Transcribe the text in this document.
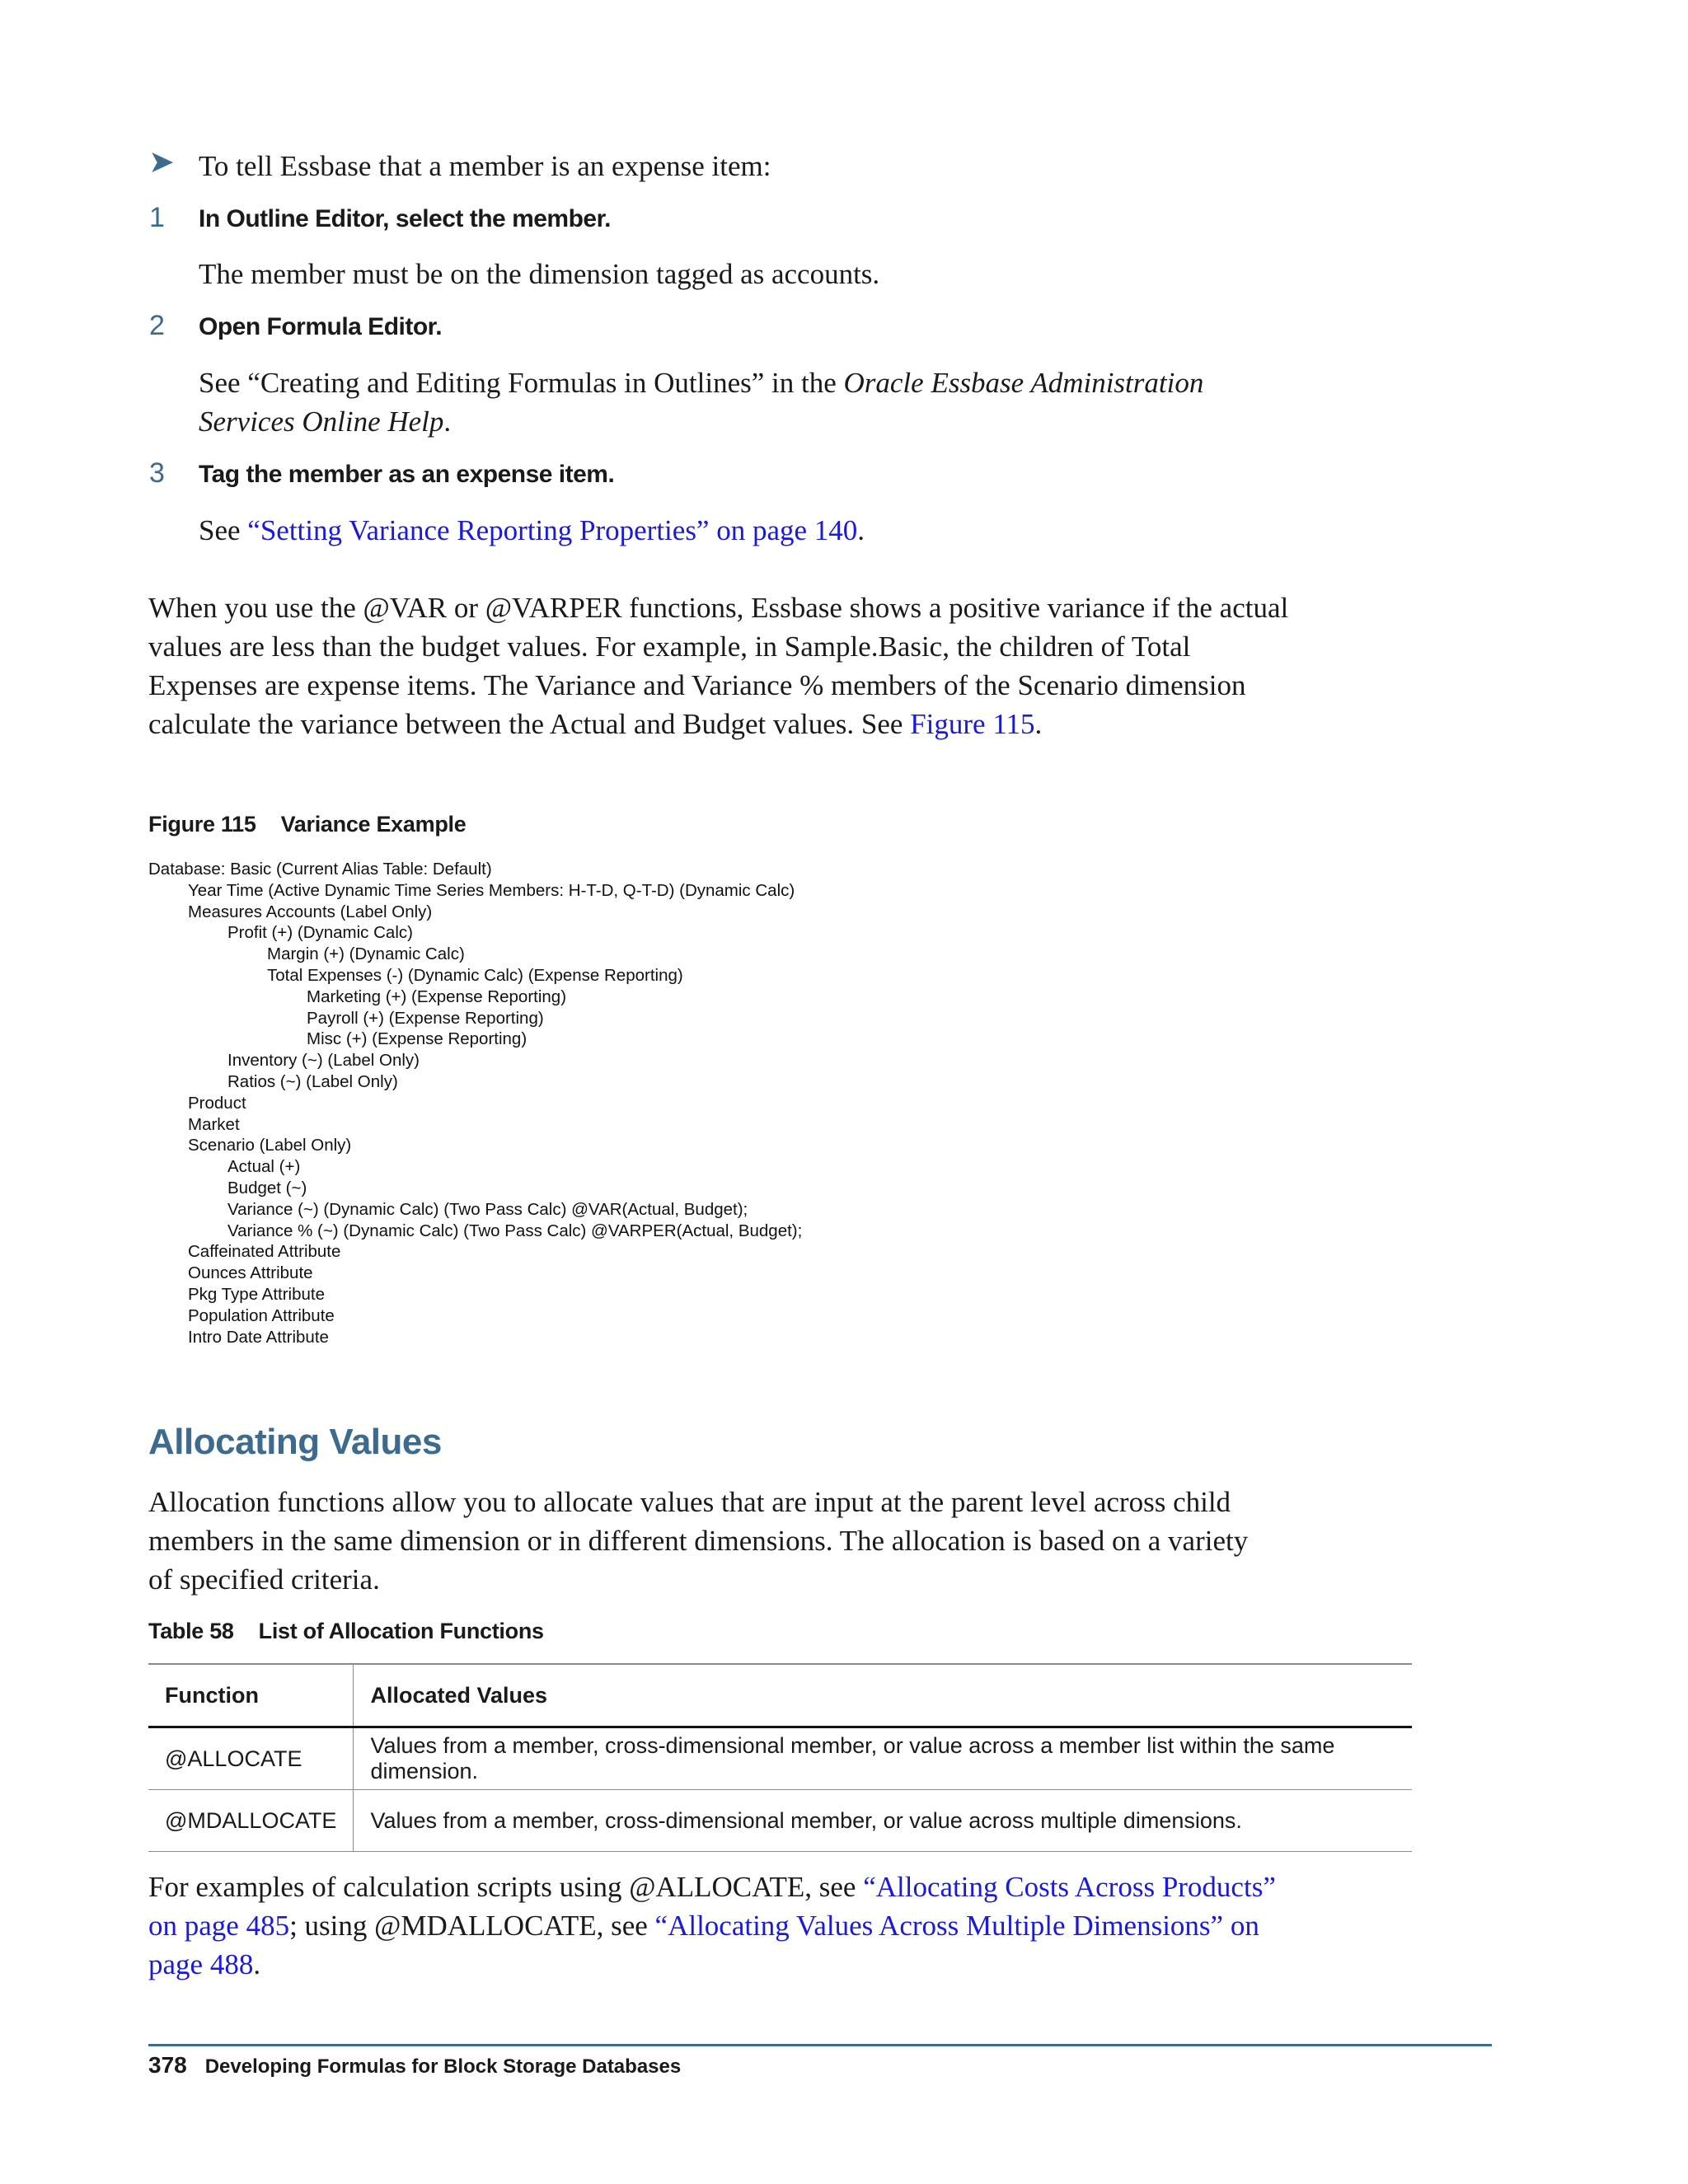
➤ To tell Essbase that a member is an expense item:
1 In Outline Editor, select the member.
The member must be on the dimension tagged as accounts.
2 Open Formula Editor.
See “Creating and Editing Formulas in Outlines” in the Oracle Essbase Administration
Services Online Help.
3 Tag the member as an expense item.
See “Setting Variance Reporting Properties” on page 140.
When you use the @VAR or @VARPER functions, Essbase shows a positive variance if the actual
values are less than the budget values. For example, in Sample.Basic, the children of Total
Expenses are expense items. The Variance and Variance % members of the Scenario dimension
calculate the variance between the Actual and Budget values. See Figure 115.
Figure 115 Variance Example
Database: Basic (Current Alias Table: Default)
Year Time (Active Dynamic Time Series Members: H-T-D, Q-T-D) (Dynamic Calc)
Measures Accounts (Label Only)
Profit (+) (Dynamic Calc)
Margin (+) (Dynamic Calc)
Total Expenses (-) (Dynamic Calc) (Expense Reporting)
Marketing (+) (Expense Reporting)
Payroll (+) (Expense Reporting)
Misc (+) (Expense Reporting)
Inventory (~) (Label Only)
Ratios (~) (Label Only)
Product
Market
Scenario (Label Only)
Actual (+)
Budget (~)
Variance (~) (Dynamic Calc) (Two Pass Calc) @VAR(Actual, Budget);
Variance % (~) (Dynamic Calc) (Two Pass Calc) @VARPER(Actual, Budget);
Caffeinated Attribute
Ounces Attribute
Pkg Type Attribute
Population Attribute
Intro Date Attribute
Allocating Values
Allocation functions allow you to allocate values that are input at the parent level across child
members in the same dimension or in different dimensions. The allocation is based on a variety
of specified criteria.
Table 58 List of Allocation Functions
Function	Allocated Values
@ALLOCATE	Values from a member, cross-dimensional member, or value across a member list within the same dimension.
@MDALLOCATE	Values from a member, cross-dimensional member, or value across multiple dimensions.
For examples of calculation scripts using @ALLOCATE, see “Allocating Costs Across Products”
on page 485; using @MDALLOCATE, see “Allocating Values Across Multiple Dimensions” on
page 488.
378 Developing Formulas for Block Storage Databases
